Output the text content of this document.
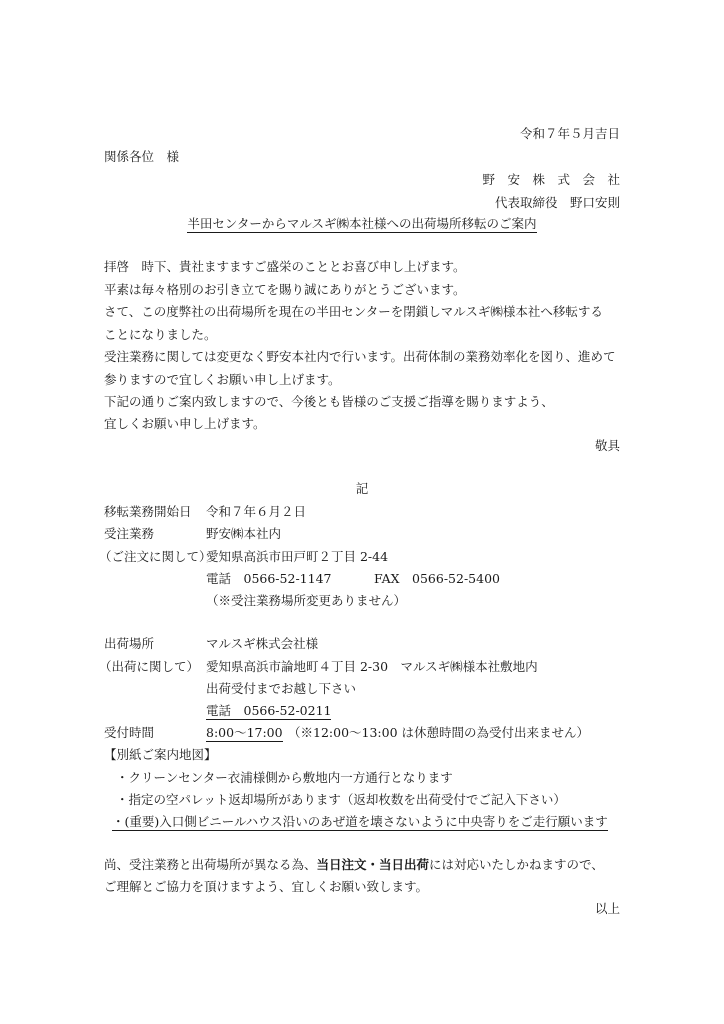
令和７年５月吉日
関係各位　様
野　安　株　式　会　社
代表取締役　野口安則
半田センターからマルスギ㈱本社様への出荷場所移転のご案内
拝啓　時下、貴社ますますご盛栄のこととお喜び申し上げます。
平素は毎々格別のお引き立てを賜り誠にありがとうございます。
さて、この度弊社の出荷場所を現在の半田センターを閉鎖しマルスギ㈱様本社へ移転する
ことになりました。
受注業務に関しては変更なく野安本社内で行います。出荷体制の業務効率化を図り、進めて
参りますので宜しくお願い申し上げます。
下記の通りご案内致しますので、今後とも皆様のご支援ご指導を賜りますよう、
宜しくお願い申し上げます。
敬具
記
移転業務開始日 令和７年６月２日
受注業務	野安㈱本社内
（ご注文に関して）
愛知県高浜市田戸町２丁目 2-44
電話　0566-52-1147	FAX　0566-52-5400
（※受注業務場所変更ありません）
出荷場所	マルスギ株式会社様
（出荷に関して） 愛知県高浜市論地町４丁目 2-30　マルスギ㈱様本社敷地内
出荷受付までお越し下さい
電話　0566-52-0211
受付時間	8:00～17:00 （※12:00～13:00 は休憩時間の為受付出来ません）
【別紙ご案内地図】
・クリーンセンター衣浦様側から敷地内一方通行となります
・指定の空パレット返却場所があります（返却枚数を出荷受付でご記入下さい）
・(重要)入口側ビニールハウス沿いのあぜ道を壊さないように中央寄りをご走行願います
尚、受注業務と出荷場所が異なる為、当日注文・当日出荷には対応いたしかねますので、
ご理解とご協力を頂けますよう、宜しくお願い致します。
以上
